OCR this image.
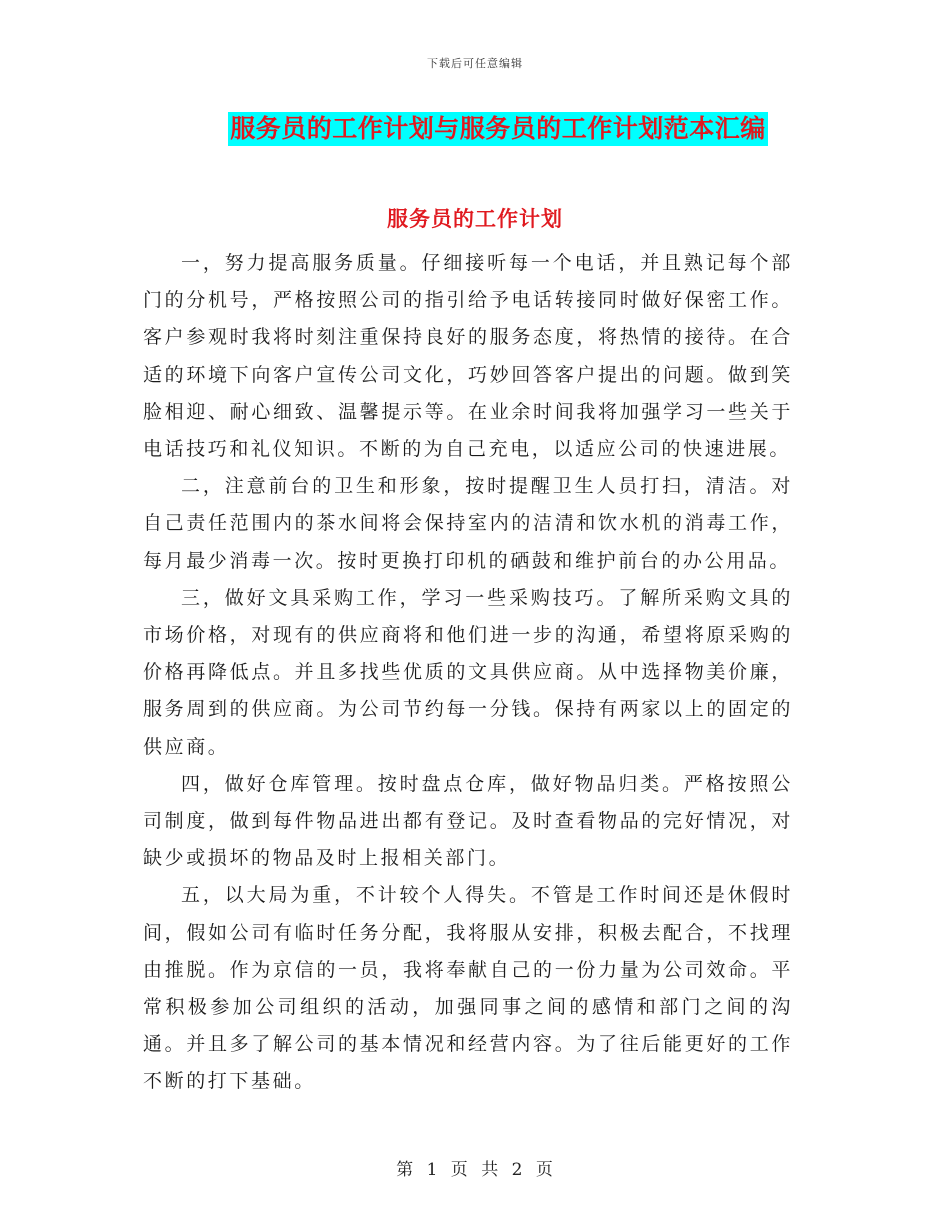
下载后可任意编辑
服务员的工作计划与服务员的工作计划范本汇编
服务员的工作计划

一，努力提高服务质量。仔细接听每一个电话，并且熟记每个部门的分机号，严格按照公司的指引给予电话转接同时做好保密工作。客户参观时我将时刻注重保持良好的服务态度，将热情的接待。在合适的环境下向客户宣传公司文化，巧妙回答客户提出的问题。做到笑脸相迎、耐心细致、温馨提示等。在业余时间我将加强学习一些关于电话技巧和礼仪知识。不断的为自己充电，以适应公司的快速进展。

二，注意前台的卫生和形象，按时提醒卫生人员打扫，清洁。对自己责任范围内的茶水间将会保持室内的洁清和饮水机的消毒工作，每月最少消毒一次。按时更换打印机的硒鼓和维护前台的办公用品。

三，做好文具采购工作，学习一些采购技巧。了解所采购文具的市场价格，对现有的供应商将和他们进一步的沟通，希望将原采购的价格再降低点。并且多找些优质的文具供应商。从中选择物美价廉，服务周到的供应商。为公司节约每一分钱。保持有两家以上的固定的供应商。

四，做好仓库管理。按时盘点仓库，做好物品归类。严格按照公司制度，做到每件物品进出都有登记。及时查看物品的完好情况，对缺少或损坏的物品及时上报相关部门。

五，以大局为重，不计较个人得失。不管是工作时间还是休假时间，假如公司有临时任务分配，我将服从安排，积极去配合，不找理由推脱。作为京信的一员，我将奉献自己的一份力量为公司效命。平常积极参加公司组织的活动，加强同事之间的感情和部门之间的沟通。并且多了解公司的基本情况和经营内容。为了往后能更好的工作不断的打下基础。

第 1 页 共 2 页
